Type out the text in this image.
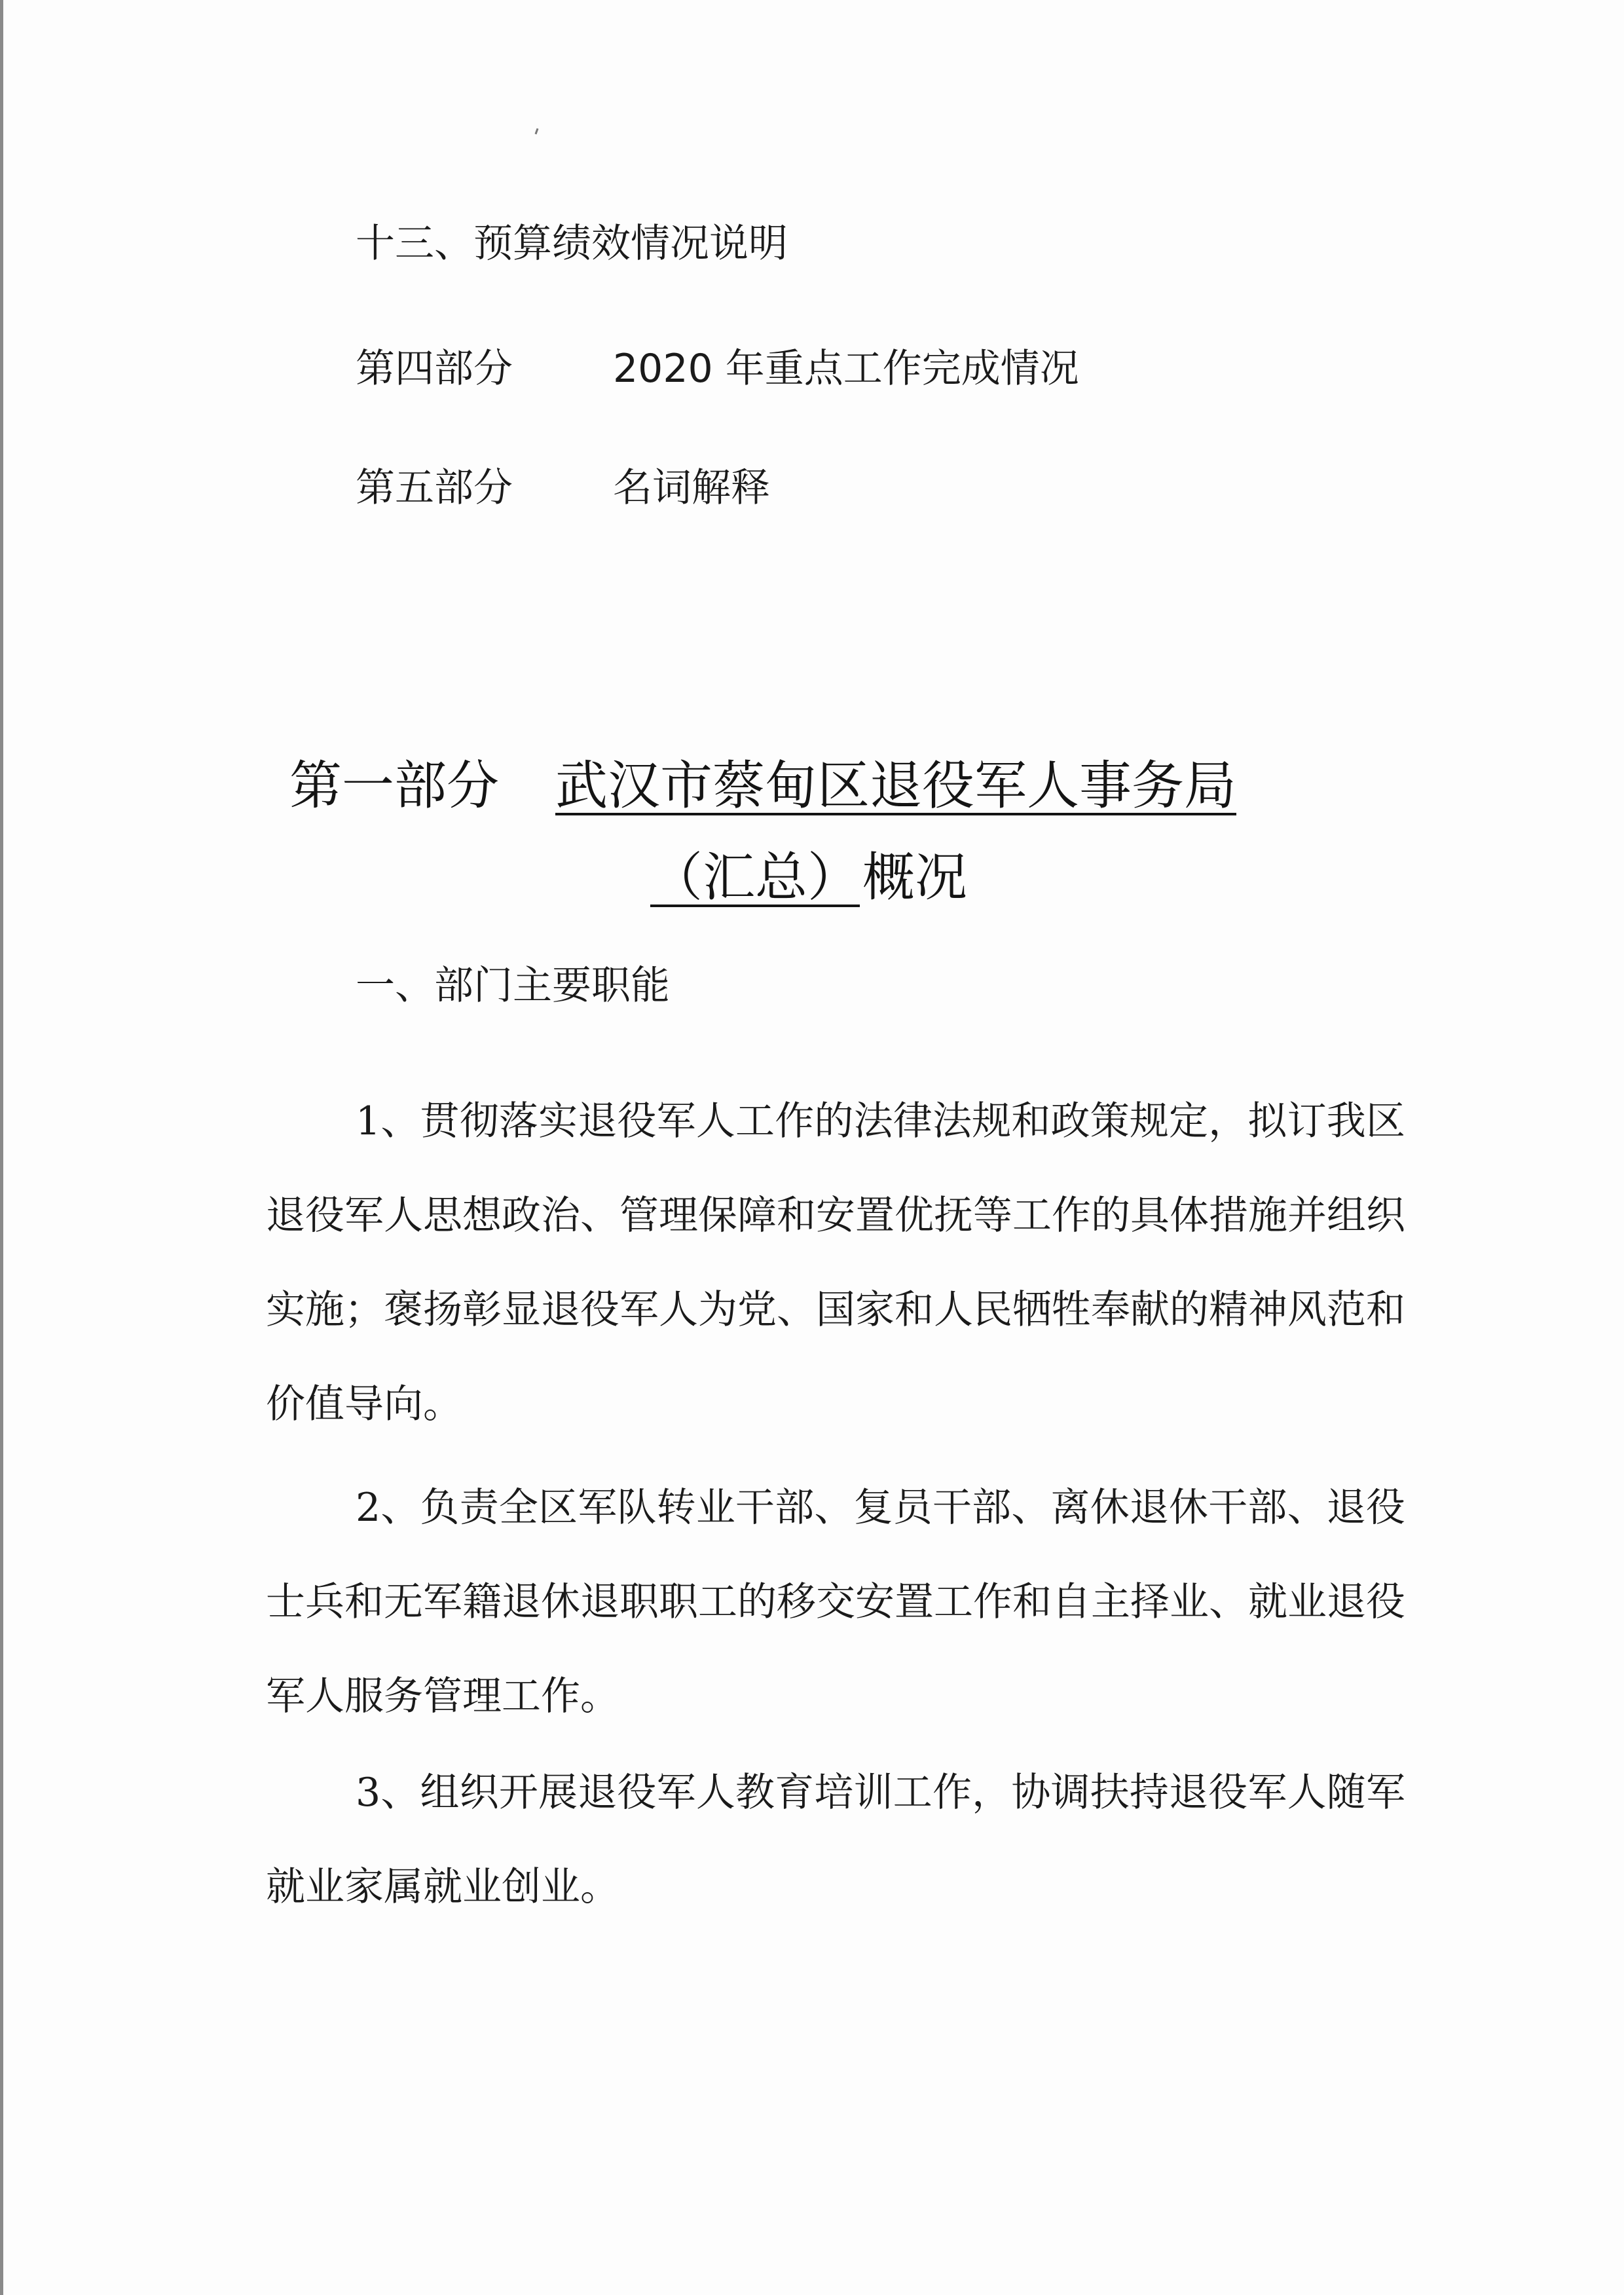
十三、预算绩效情况说明
第四部分	2020 年重点工作完成情况
第五部分	名词解释
第一部分 武汉市蔡甸区退役军人事务局
（汇总）概况
一、部门主要职能

1、贯彻落实退役军人工作的法律法规和政策规定，拟订我区退役军人思想政治、管理保障和安置优抚等工作的具体措施并组织实施；褒扬彰显退役军人为党、国家和人民牺牲奉献的精神风范和价值导向。

2、负责全区军队转业干部、复员干部、离休退休干部、退役士兵和无军籍退休退职职工的移交安置工作和自主择业、就业退役军人服务管理工作。

3、组织开展退役军人教育培训工作，协调扶持退役军人随军就业家属就业创业。
